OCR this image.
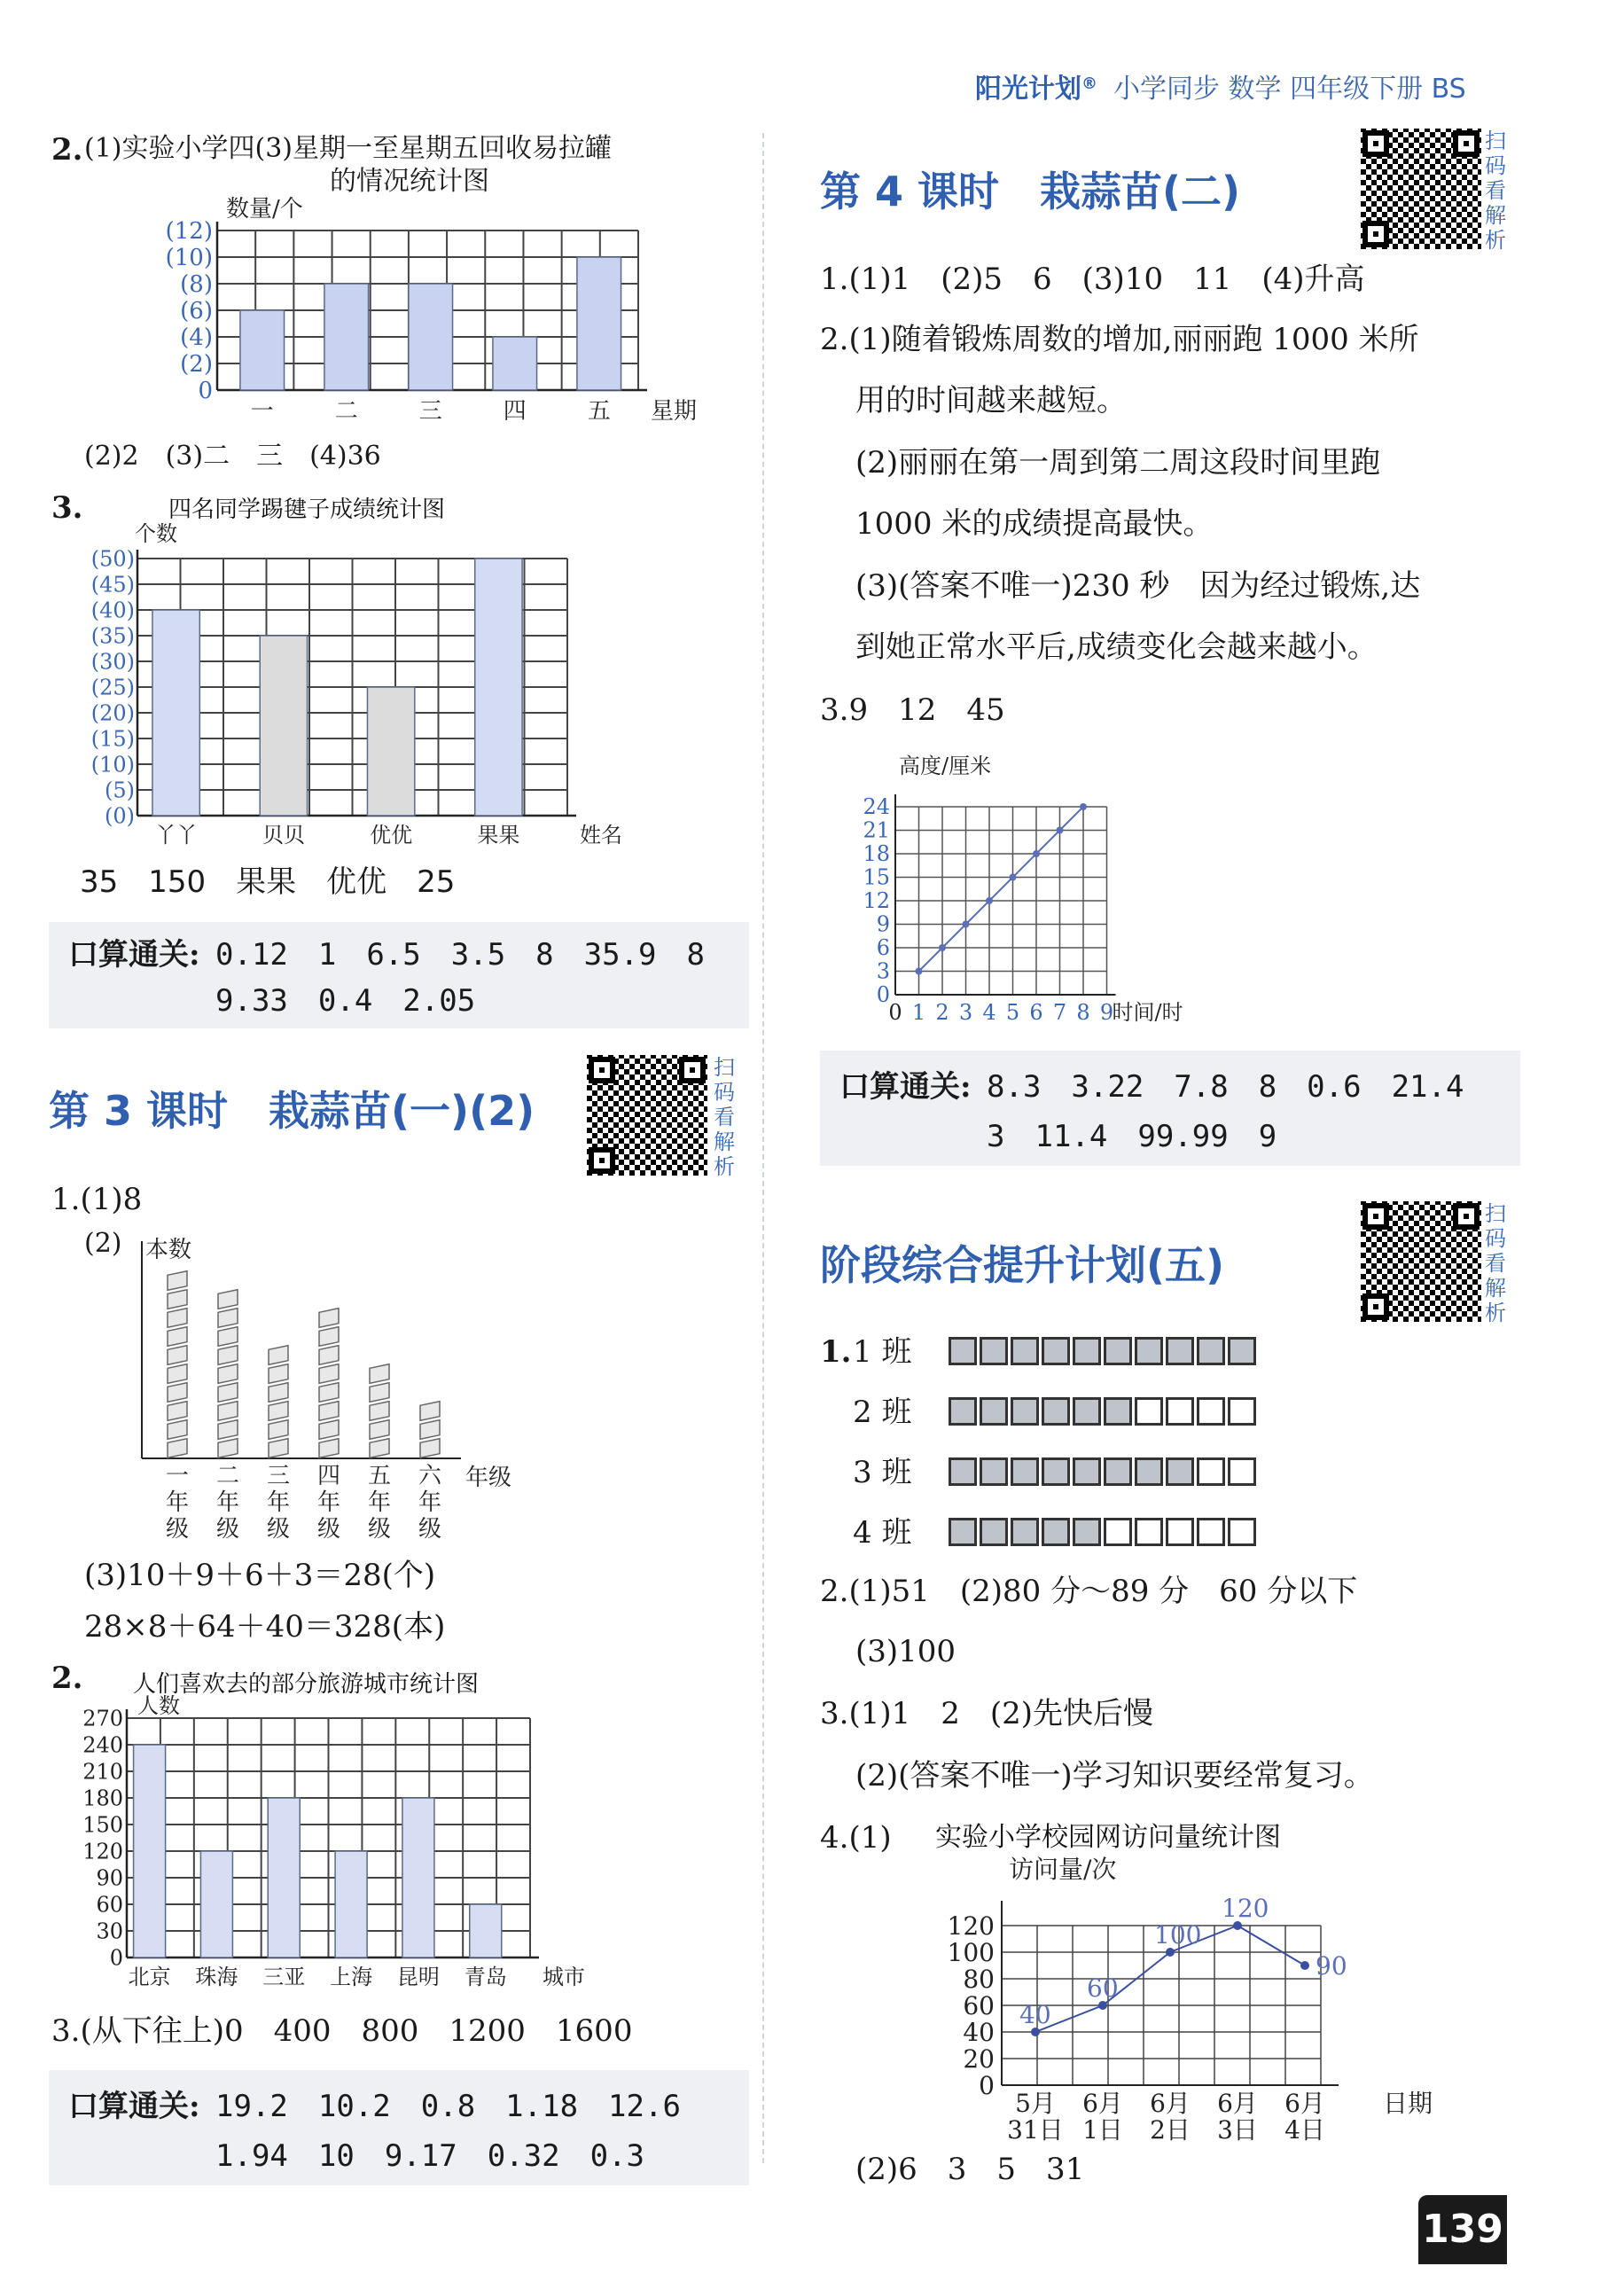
阳光计划® 小学同步 数学 四年级下册 BS
2. (1)实验小学四(3)星期一至星期五回收易拉罐
的情况统计图
一	二	三	四	五
(12)
(10)
(8)
(6)
(4)
(2)
0
数量/个
星期
(2)2　(3)二　三　(4)36
3.
丫丫	贝贝	优优	果果
(50)
(45)
(40)
(35)
(30)
(25)
(20)
(15)
(10)
(5)
(0)
个数
姓名
四名同学踢毽子成绩统计图
35　150　果果　优优　25
口算通关: 0.12　1　6.5　3.5　8　35.9　8
9.33　0.4　2.05
第 3 课时　栽蒜苗(一)(2)
扫码看解析
1.(1)8
(2) 本数
年级
一
年
级
二
年
级
三
年
级
四
年
级
五
年
级
六
年
级
(3)10＋9＋6＋3＝28(个)
28×8＋64＋40＝328(本)
2.
北京 珠海 三亚 上海 昆明 青岛
270
240
210
180
150
120
90
60
30
0
人数
城市
人们喜欢去的部分旅游城市统计图
3.(从下往上)0　400　800　1200　1600
口算通关: 19.2　10.2　0.8　1.18　12.6
1.94　10　9.17　0.32　0.3
第 4 课时　栽蒜苗(二)
扫码看解析
1.(1)1　(2)5　6　(3)10　11　(4)升高
2.(1)随着锻炼周数的增加,丽丽跑 1000 米所
用的时间越来越短。
(2)丽丽在第一周到第二周这段时间里跑
1000 米的成绩提高最快。
(3)(答案不唯一)230 秒　因为经过锻炼,达
到她正常水平后,成绩变化会越来越小。
3.9　12　45
高度/厘米
时间/时
0 1 2 3 4 5 6 7 8 9
24
21
18
15
12
9
6
3
0
口算通关: 8.3　3.22　7.8　8　0.6　21.4
3　11.4　99.99　9
阶段综合提升计划(五)
扫码看解析
1. 1 班
2 班
3 班
4 班
2.(1)51　(2)80 分～89 分　60 分以下
(3)100
3.(1)1　2　(2)先快后慢
(2)(答案不唯一)学习知识要经常复习。
4.(1) 实验小学校园网访问量统计图
访问量/次
日期
120
100
80
60
40
20
0
40
5月
31日
60
6月
1日
100
6月
2日
120
6月
3日
90
6月
4日
(2)6　3　5　31
139
